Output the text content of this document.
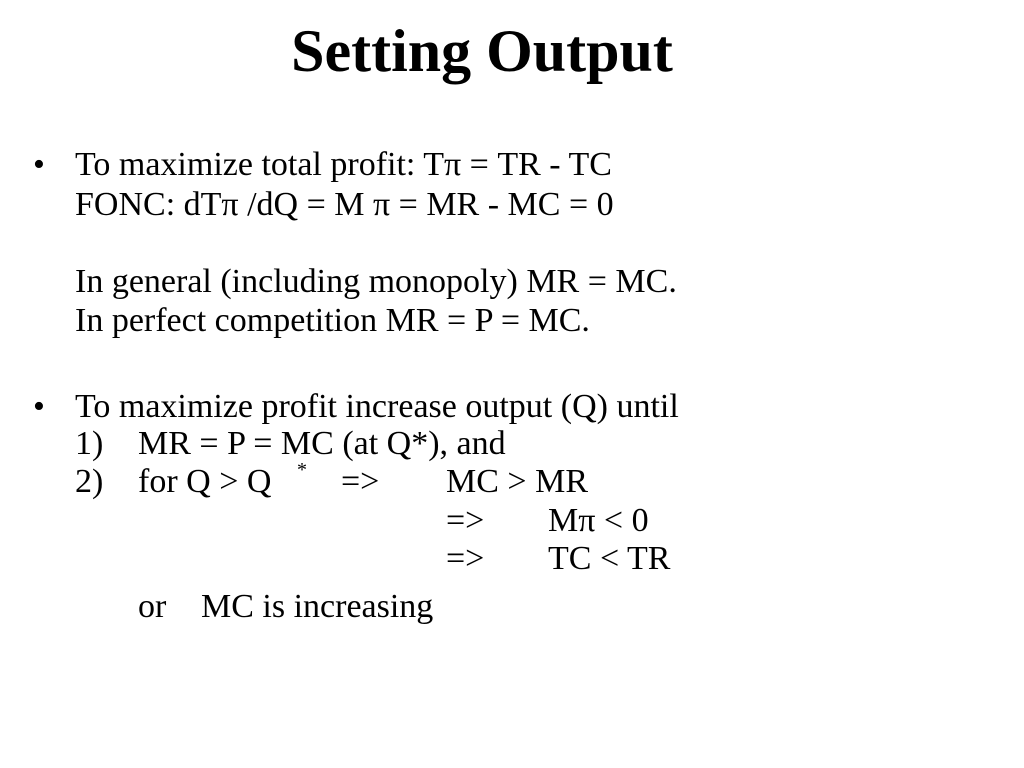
Setting Output
• To maximize total profit: Tπ = TR - TC
FONC: dTπ /dQ = M π = MR - MC = 0
In general (including monopoly) MR = MC.
In perfect competition MR = P = MC.
• To maximize profit increase output (Q) until
1) MR = P = MC (at Q*), and
2) for Q > Q * => MC > MR
=> Mπ < 0
=> TC < TR
or MC is increasing
